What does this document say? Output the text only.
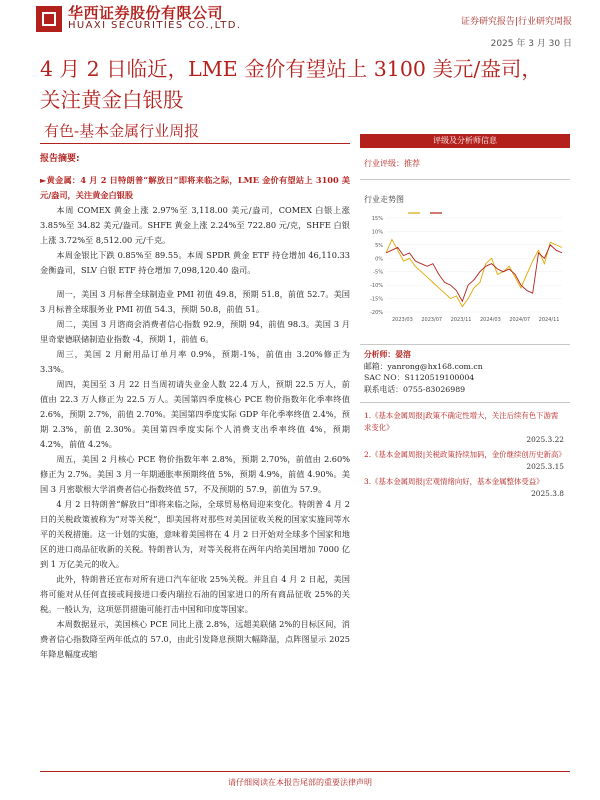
华西证券股份有限公司
HUAXI SECURITIES CO.,LTD.	证券研究报告|行业研究周报
2025 年 3 月 30 日
4 月 2 日临近，LME 金价有望站上 3100 美元/盎司，关注黄金白银股
有色-基本金属行业周报

报告摘要:

►黄金属：4 月 2 日特朗普“解放日”即将来临之际，LME 金价有望站上 3100 美元/盎司，关注黄金白银股

本周 COMEX 黄金上涨 2.97%至 3,118.00 美元/盎司，COMEX 白银上涨 3.85%至 34.82 美元/盎司。SHFE 黄金上涨 2.24%至 722.80 元/克，SHFE 白银上涨 3.72%至 8,512.00 元/千克。

本周金银比下跌 0.85%至 89.55。本周 SPDR 黄金 ETF 持仓增加 46,110.33 金衡盎司，SLV 白银 ETF 持仓增加 7,098,120.40 盎司。

周一，美国 3 月标普全球制造业 PMI 初值 49.8，预期 51.8，前值 52.7。美国 3 月标普全球服务业 PMI 初值 54.3，预期 50.8，前值 51。

周二，美国 3 月谘商会消费者信心指数 92.9，预期 94，前值 98.3。美国 3 月里奇蒙德联储制造业指数 -4，预期 1，前值 6。

周三，美国 2 月耐用品订单月率 0.9%，预期-1%，前值由 3.20%修正为 3.3%。

周四，美国至 3 月 22 日当周初请失业金人数 22.4 万人，预期 22.5 万人，前值由 22.3 万人修正为 22.5 万人。美国第四季度核心 PCE 物价指数年化季率终值 2.6%，预期 2.7%，前值 2.70%。美国第四季度实际 GDP 年化季率终值 2.4%，预期 2.3%，前值 2.30%。美国第四季度实际个人消费支出季率终值 4%，预期 4.2%，前值 4.2%。

周五，美国 2 月核心 PCE 物价指数年率 2.8%，预期 2.70%，前值由 2.60%修正为 2.7%。美国 3 月一年期通胀率预期终值 5%，预期 4.9%，前值 4.90%。美国 3 月密歇根大学消费者信心指数终值 57，不及预期的 57.9，前值为 57.9。

4 月 2 日特朗普“解放日”即将来临之际，全球贸易格局迎来变化。特朗普 4 月 2 日的关税政策被称为“对等关税”，即美国将对那些对美国征收关税的国家实施同等水平的关税措施。这一计划的实施，意味着美国将在 4 月 2 日开始对全球多个国家和地区的进口商品征收新的关税。特朗普认为，对等关税将在两年内给美国增加 7000 亿到 1 万亿美元的收入。

此外，特朗普还宣布对所有进口汽车征收 25%关税。并且自 4 月 2 日起，美国将可能对从任何直接或间接进口委内瑞拉石油的国家进口的所有商品征收 25%的关税。一般认为，这项惩罚措施可能打击中国和印度等国家。

本周数据显示，美国核心 PCE 同比上涨 2.8%，远超美联储 2%的目标区间，消费者信心指数降至两年低点的 57.0，由此引发降息预期大幅降温，点阵图显示 2025 年降息幅度或缩

评级及分析师信息
行业评级：推荐
行业走势图
15%
10%
5%
0%
-5%
-10%
-15%
-20%
2023/03 2023/07 2023/11 2024/03 2024/07 2024/11
分析师：晏溶
邮箱：yanrong@hx168.com.cn
SAC NO：S1120519100004
联系电话：0755-83026989
1.《基本金属周报|政策不确定性增大，关注后续有色下游需求变化》
2025.3.22
2.《基本金属周报|关税政策持续加码，金价继续创历史新高》
2025.3.15
3.《基本金属周报|宏观情绪向好，基本金属整体受益》
2025.3.8
请仔细阅读在本报告尾部的重要法律声明
